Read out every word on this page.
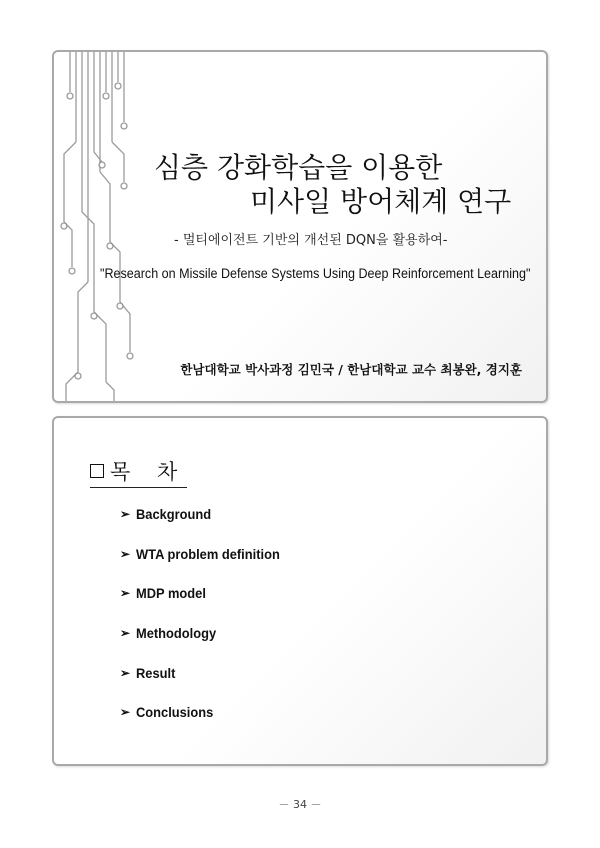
심층 강화학습을 이용한
미사일 방어체계 연구
- 멀티에이전트 기반의 개선된 DQN을 활용하여-
"Research on Missile Defense Systems Using Deep Reinforcement Learning"
한남대학교 박사과정 김민국 / 한남대학교 교수 최봉완, 경지훈
목 차
➢ Background
➢ WTA problem definition
➢ MDP model
➢ Methodology
➢ Result
➢ Conclusions
－ 34 －
